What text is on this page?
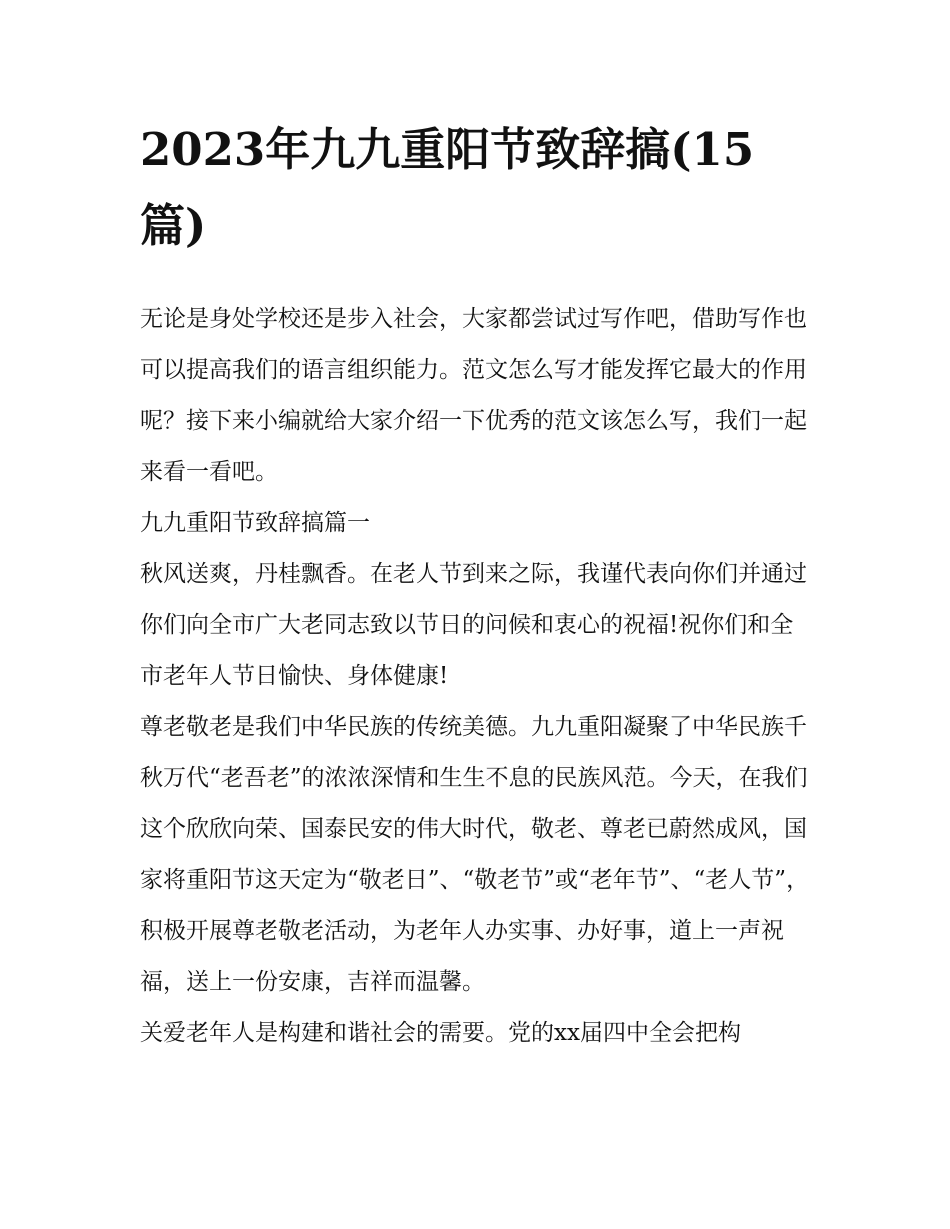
2023年九九重阳节致辞搞(15篇)

无论是身处学校还是步入社会，大家都尝试过写作吧，借助写作也可以提高我们的语言组织能力。范文怎么写才能发挥它最大的作用呢？接下来小编就给大家介绍一下优秀的范文该怎么写，我们一起来看一看吧。

九九重阳节致辞搞篇一

秋风送爽，丹桂飘香。在老人节到来之际，我谨代表向你们并通过你们向全市广大老同志致以节日的问候和衷心的祝福!祝你们和全市老年人节日愉快、身体健康!

尊老敬老是我们中华民族的传统美德。九九重阳凝聚了中华民族千秋万代“老吾老”的浓浓深情和生生不息的民族风范。今天，在我们这个欣欣向荣、国泰民安的伟大时代，敬老、尊老已蔚然成风，国家将重阳节这天定为“敬老日”、“敬老节”或“老年节”、“老人节”，

积极开展尊老敬老活动，为老年人办实事、办好事，道上一声祝福，送上一份安康，吉祥而温馨。

关爱老年人是构建和谐社会的需要。党的xx届四中全会把构
